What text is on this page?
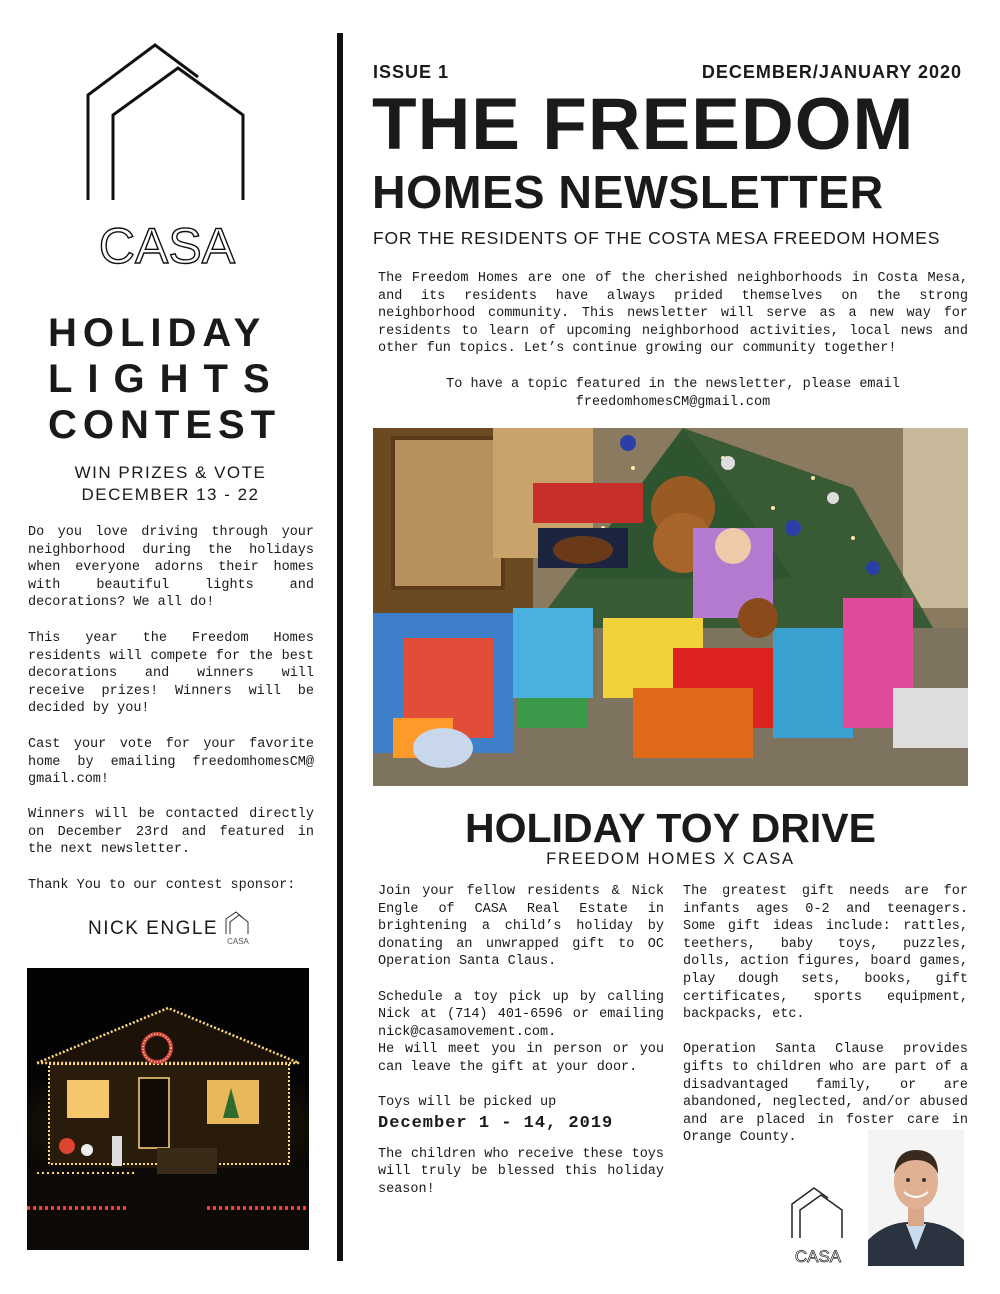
CASA
HOLIDAY
LIGHTS
CONTEST
WIN PRIZES & VOTE
DECEMBER 13 - 22
Do you love driving through your neighborhood during the holidays when everyone adorns their homes with beautiful lights and decorations? We all do!
This year the Freedom Homes residents will compete for the best decorations and winners will receive prizes! Winners will be decided by you!
Cast your vote for your favorite home by emailing freedomhomesCM@ gmail.com!
Winners will be contacted directly on December 23rd and featured in the next newsletter.
Thank You to our contest sponsor:
NICK ENGLE
CASA
ISSUE 1	DECEMBER/JANUARY 2020
THE FREEDOM
HOMES NEWSLETTER
FOR THE RESIDENTS OF THE COSTA MESA FREEDOM HOMES
The Freedom Homes are one of the cherished neighborhoods in Costa Mesa, and its residents have always prided themselves on the strong neighborhood community. This newsletter will serve as a new way for residents to learn of upcoming neighborhood activities, local news and other fun topics. Let’s continue growing our community together!
To have a topic featured in the newsletter, please email
freedomhomesCM@gmail.com
HOLIDAY TOY DRIVE
FREEDOM HOMES X CASA

Join your fellow residents & Nick Engle of CASA Real Estate in brightening a child’s holiday by donating an unwrapped gift to OC Operation Santa Claus.

Schedule a toy pick up by calling Nick at (714) 401-6596 or emailing nick@casamovement.com.

He will meet you in person or you can leave the gift at your door.

Toys will be picked up

December 1 - 14, 2019

The children who receive these toys will truly be blessed this holiday season!

The greatest gift needs are for infants ages 0-2 and teenagers. Some gift ideas include: rattles, teethers, baby toys, puzzles, dolls, action figures, board games, play dough sets, books, gift certificates, sports equipment, backpacks, etc.

Operation Santa Clause provides gifts to children who are part of a disadvantaged family, or are abandoned, neglected, and/or abused and are placed in foster care in Orange County.

CASA
